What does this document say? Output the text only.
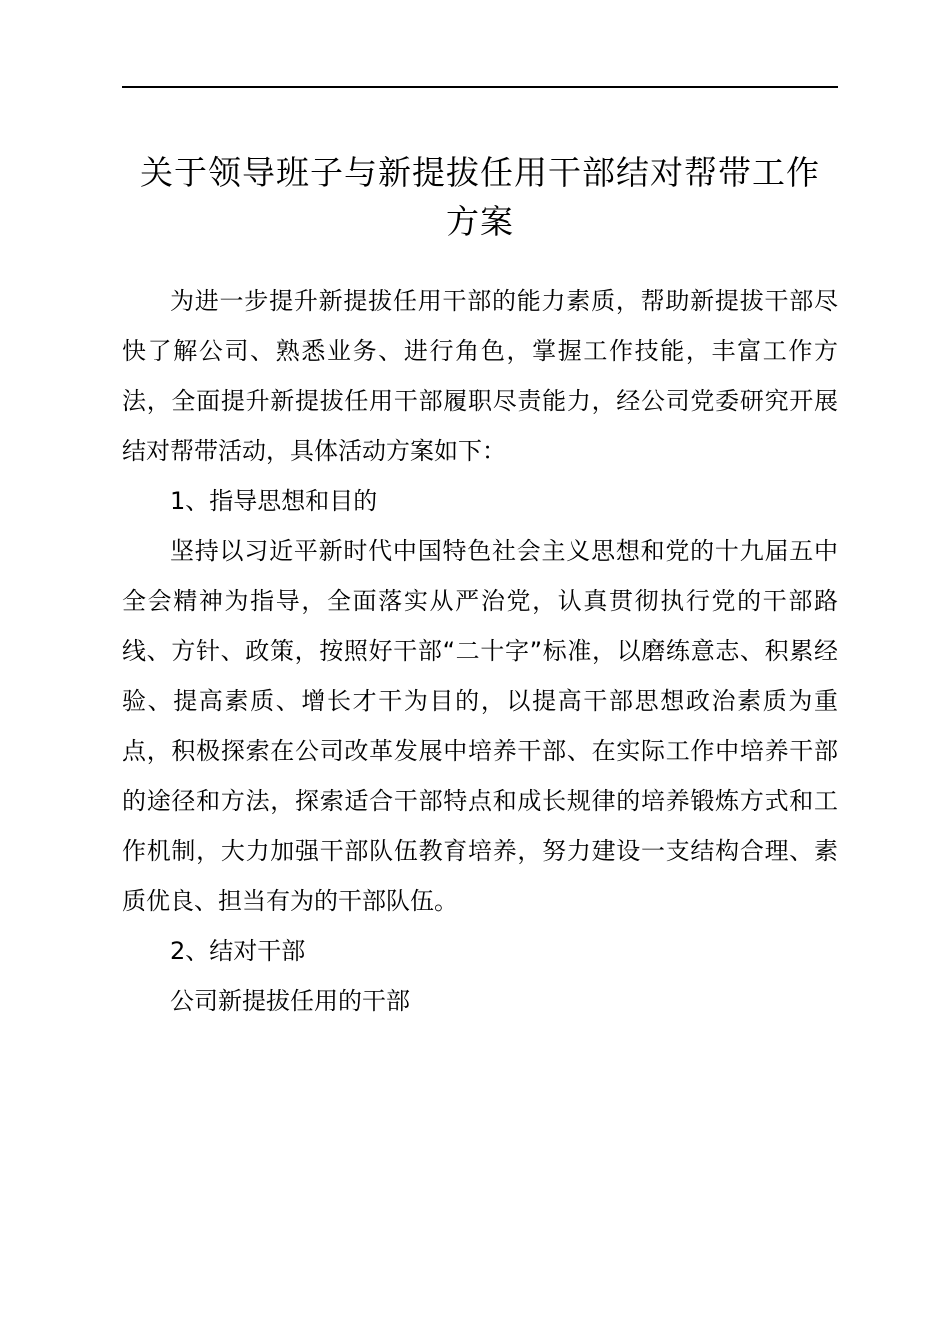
关于领导班子与新提拔任用干部结对帮带工作
方案

为进一步提升新提拔任用干部的能力素质，帮助新提拔干部尽快了解公司、熟悉业务、进行角色，掌握工作技能，丰富工作方法，全面提升新提拔任用干部履职尽责能力，经公司党委研究开展结对帮带活动，具体活动方案如下：

1、指导思想和目的

坚持以习近平新时代中国特色社会主义思想和党的十九届五中全会精神为指导，全面落实从严治党，认真贯彻执行党的干部路线、方针、政策，按照好干部“二十字”标准，以磨练意志、积累经验、提高素质、增长才干为目的，以提高干部思想政治素质为重点，积极探索在公司改革发展中培养干部、在实际工作中培养干部的途径和方法，探索适合干部特点和成长规律的培养锻炼方式和工作机制，大力加强干部队伍教育培养，努力建设一支结构合理、素质优良、担当有为的干部队伍。

2、结对干部

公司新提拔任用的干部
